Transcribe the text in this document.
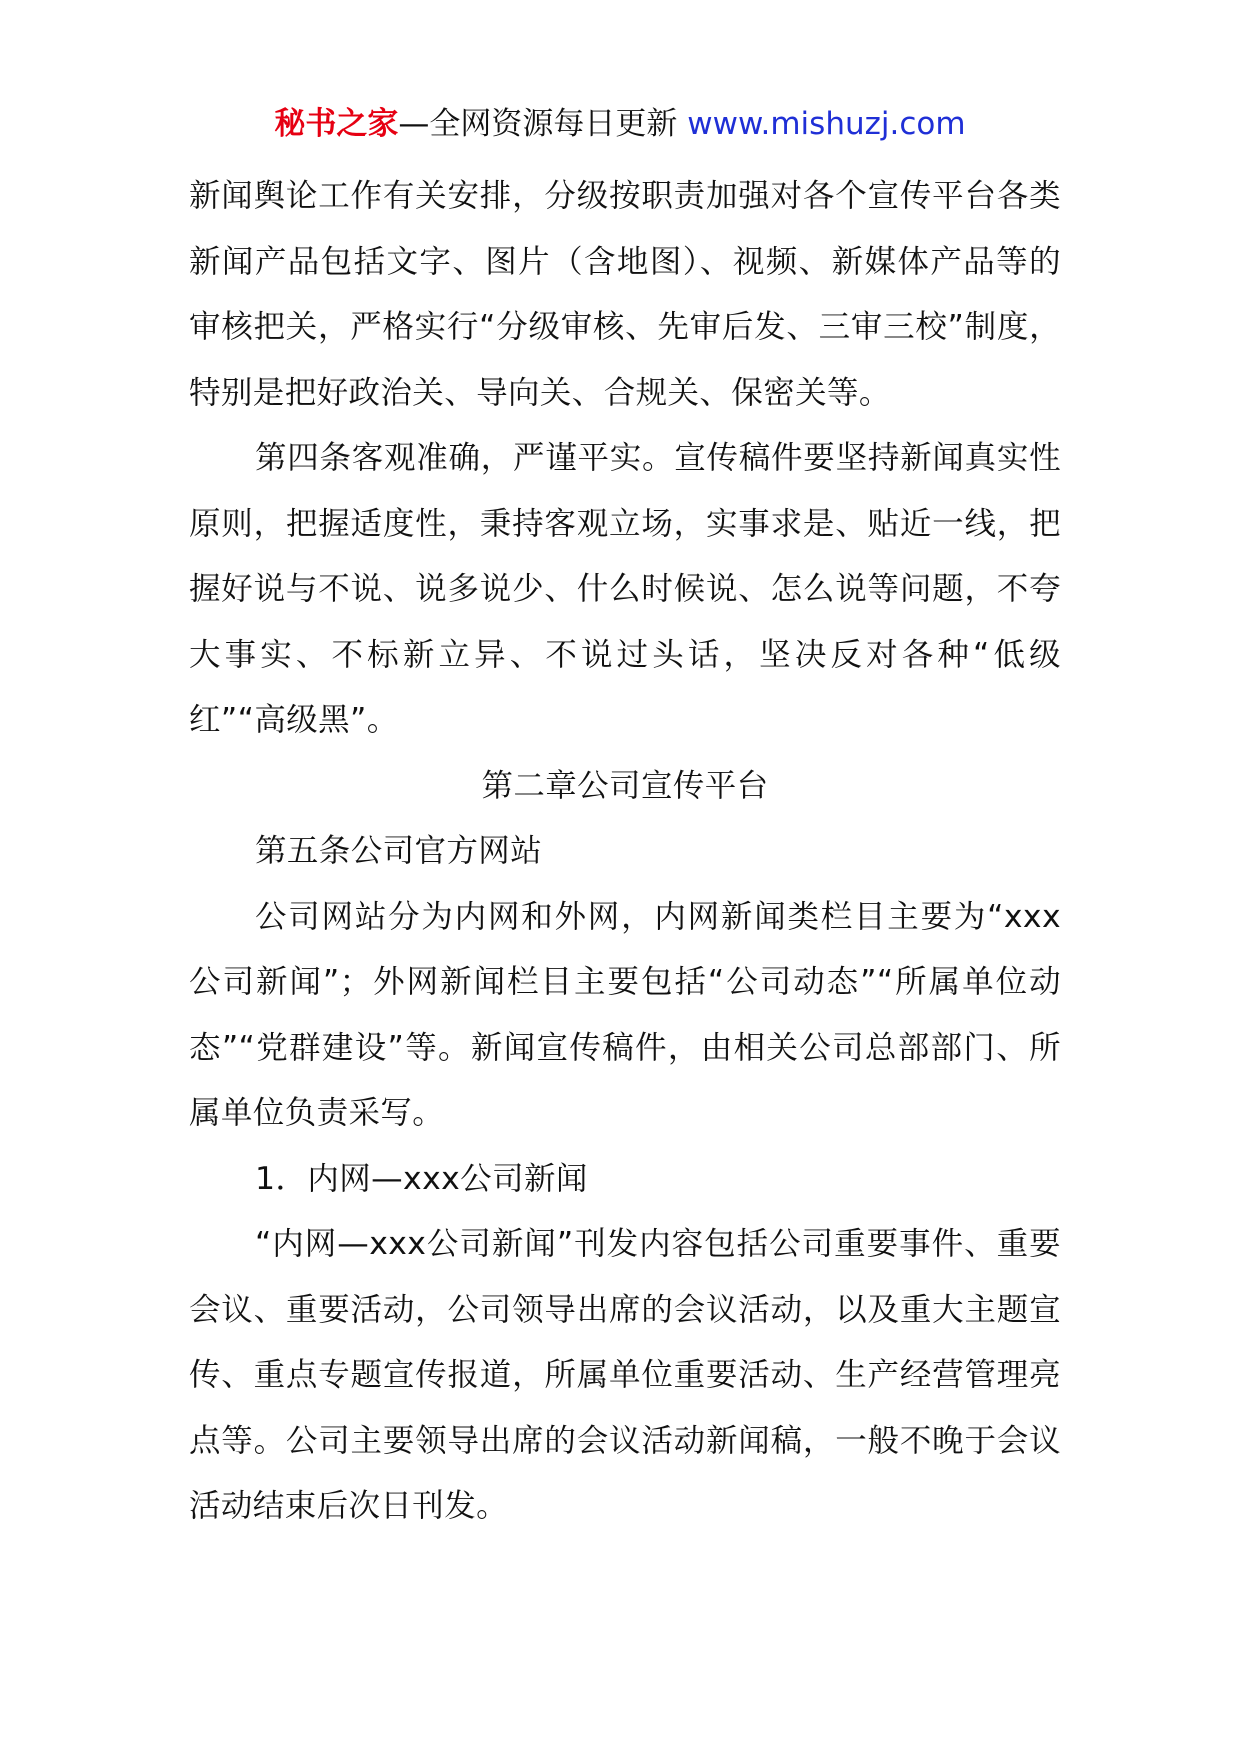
秘书之家—全网资源每日更新 www.mishuzj.com

新闻舆论工作有关安排，分级按职责加强对各个宣传平台各类新闻产品包括文字、图片（含地图）、视频、新媒体产品等的审核把关，严格实行“分级审核、先审后发、三审三校”制度，特别是把好政治关、导向关、合规关、保密关等。

第四条客观准确，严谨平实。宣传稿件要坚持新闻真实性原则，把握适度性，秉持客观立场，实事求是、贴近一线，把握好说与不说、说多说少、什么时候说、怎么说等问题，不夸大事实、不标新立异、不说过头话，坚决反对各种“低级红”“高级黑”。

第二章公司宣传平台

第五条公司官方网站

公司网站分为内网和外网，内网新闻类栏目主要为“xxx公司新闻”；外网新闻栏目主要包括“公司动态”“所属单位动态”“党群建设”等。新闻宣传稿件，由相关公司总部部门、所属单位负责采写。

1．内网—xxx公司新闻

“内网—xxx公司新闻”刊发内容包括公司重要事件、重要会议、重要活动，公司领导出席的会议活动，以及重大主题宣传、重点专题宣传报道，所属单位重要活动、生产经营管理亮点等。公司主要领导出席的会议活动新闻稿，一般不晚于会议活动结束后次日刊发。
